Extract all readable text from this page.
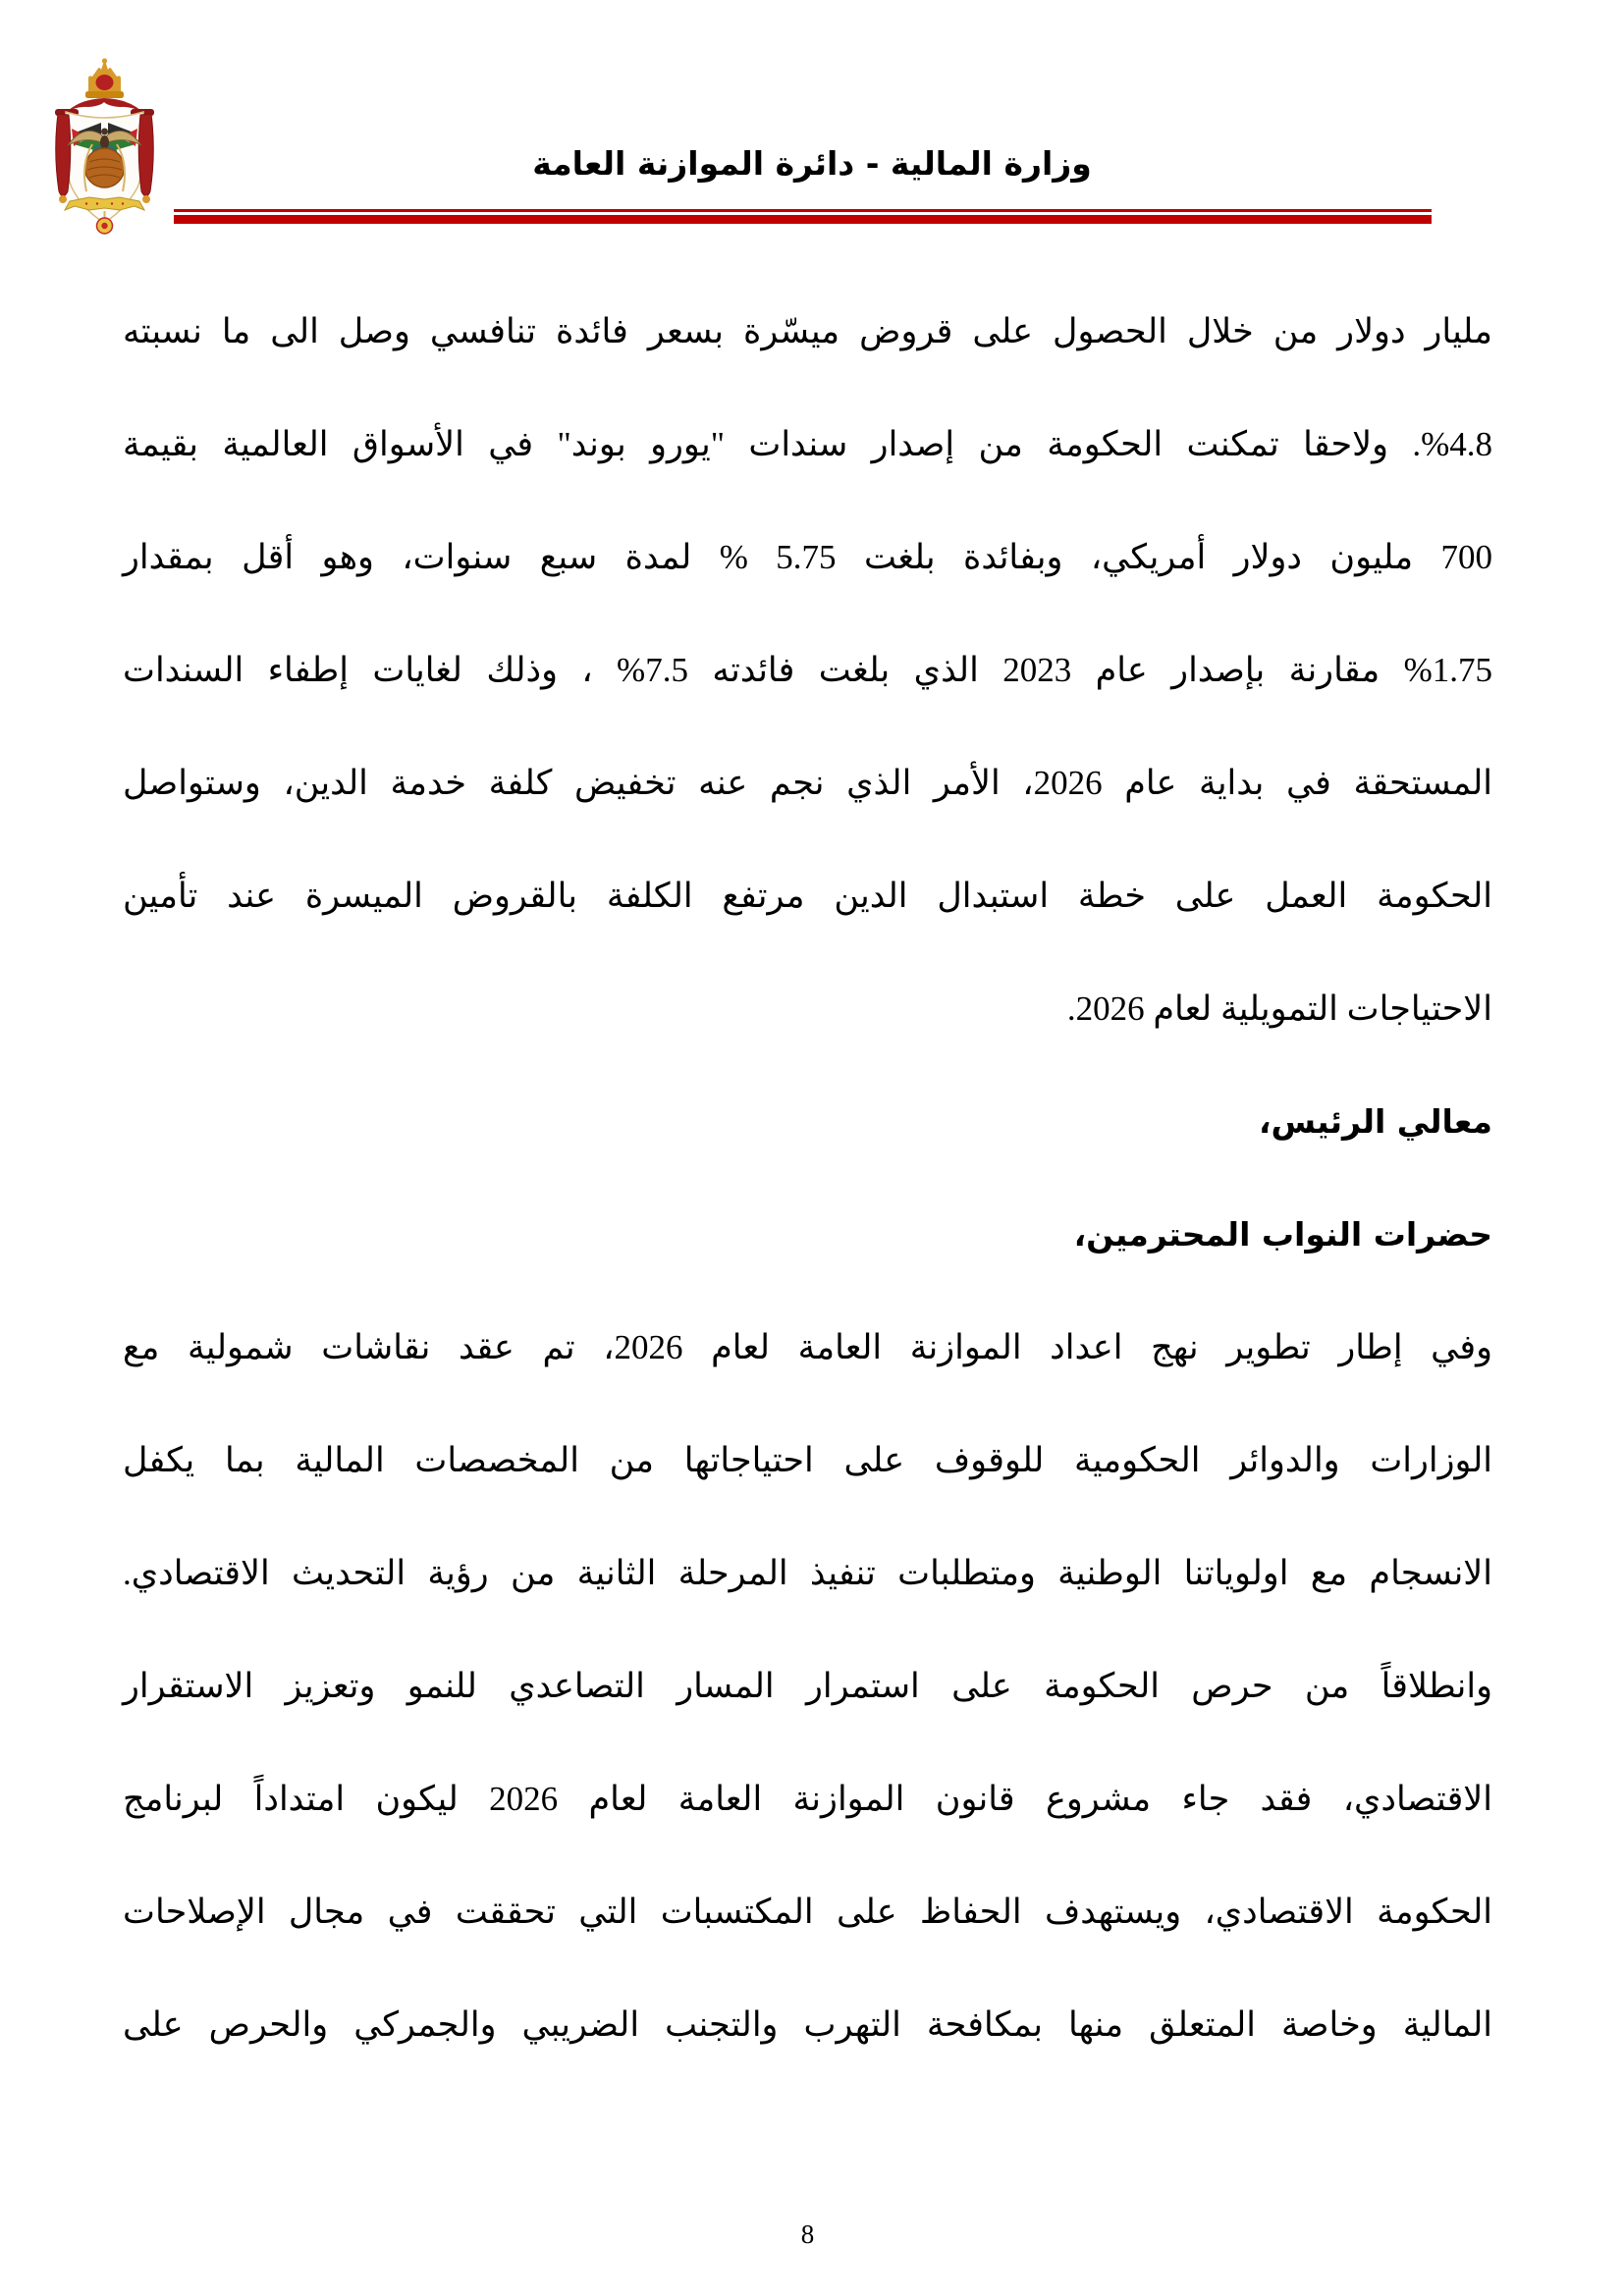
وزارة المالية - دائرة الموازنة العامة
مليار دولار من خلال الحصول على قروض ميسّرة بسعر فائدة تنافسي وصل الى ما نسبته
4.8‏%. ولاحقا تمكنت الحكومة من إصدار سندات "يورو بوند" في الأسواق العالمية بقيمة
700 مليون دولار أمريكي، وبفائدة بلغت 5.75 % لمدة سبع سنوات، وهو أقل بمقدار
1.75‏% مقارنة بإصدار عام 2023 الذي بلغت فائدته 7.5‏% ، وذلك لغايات إطفاء السندات
المستحقة في بداية عام 2026، الأمر الذي نجم عنه تخفيض كلفة خدمة الدين، وستواصل
الحكومة العمل على خطة استبدال الدين مرتفع الكلفة بالقروض الميسرة عند تأمين
الاحتياجات التمويلية لعام 2026.
معالي الرئيس،
حضرات النواب المحترمين،
وفي إطار تطوير نهج اعداد الموازنة العامة لعام 2026، تم عقد نقاشات شمولية مع
الوزارات والدوائر الحكومية للوقوف على احتياجاتها من المخصصات المالية بما يكفل
الانسجام مع اولوياتنا الوطنية ومتطلبات تنفيذ المرحلة الثانية من رؤية التحديث الاقتصادي.
وانطلاقاً من حرص الحكومة على استمرار المسار التصاعدي للنمو وتعزيز الاستقرار
الاقتصادي، فقد جاء مشروع قانون الموازنة العامة لعام 2026 ليكون امتداداً لبرنامج
الحكومة الاقتصادي، ويستهدف الحفاظ على المكتسبات التي تحققت في مجال الإصلاحات
المالية وخاصة المتعلق منها بمكافحة التهرب والتجنب الضريبي والجمركي والحرص على
8
